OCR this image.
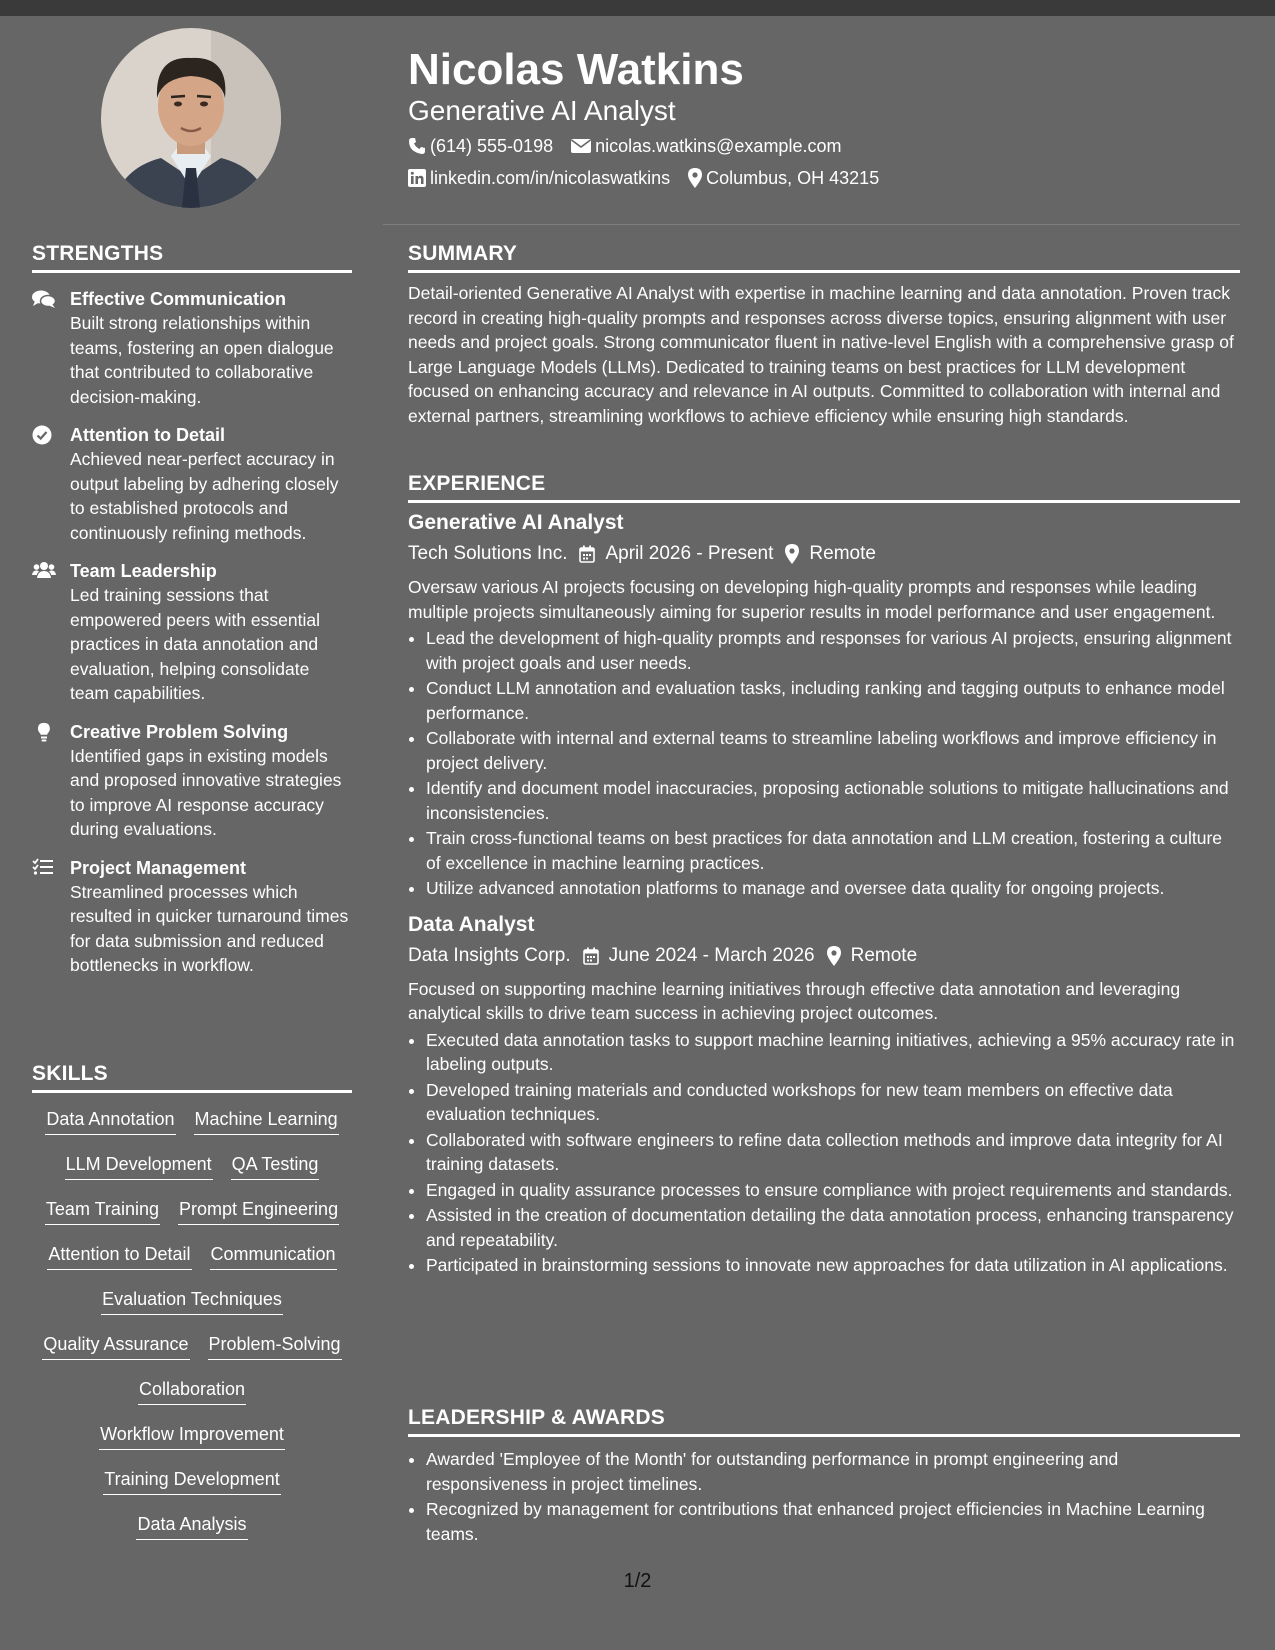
STRENGTHS
Effective Communication
Built strong relationships within teams, fostering an open dialogue that contributed to collaborative decision-making.
Attention to Detail
Achieved near-perfect accuracy in output labeling by adhering closely to established protocols and continuously refining methods.
Team Leadership
Led training sessions that empowered peers with essential practices in data annotation and evaluation, helping consolidate team capabilities.
Creative Problem Solving
Identified gaps in existing models and proposed innovative strategies to improve AI response accuracy during evaluations.
Project Management
Streamlined processes which resulted in quicker turnaround times for data submission and reduced bottlenecks in workflow.
SKILLS
Data Annotation Machine Learning
LLM Development QA Testing
Team Training Prompt Engineering
Attention to Detail Communication
Evaluation Techniques
Quality Assurance Problem-Solving
Collaboration
Workflow Improvement
Training Development
Data Analysis
Nicolas Watkins
Generative AI Analyst
(614) 555-0198 nicolas.watkins@example.com
linkedin.com/in/nicolaswatkins Columbus, OH 43215
SUMMARY

Detail-oriented Generative AI Analyst with expertise in machine learning and data annotation. Proven track record in creating high-quality prompts and responses across diverse topics, ensuring alignment with user needs and project goals. Strong communicator fluent in native-level English with a comprehensive grasp of Large Language Models (LLMs). Dedicated to training teams on best practices for LLM development focused on enhancing accuracy and relevance in AI outputs. Committed to collaboration with internal and external partners, streamlining workflows to achieve efficiency while ensuring high standards.

EXPERIENCE
Generative AI Analyst
Tech Solutions Inc. April 2026 - Present Remote
Oversaw various AI projects focusing on developing high-quality prompts and responses while leading multiple projects simultaneously aiming for superior results in model performance and user engagement.
• Lead the development of high-quality prompts and responses for various AI projects, ensuring alignment with project goals and user needs.
• Conduct LLM annotation and evaluation tasks, including ranking and tagging outputs to enhance model performance.
• Collaborate with internal and external teams to streamline labeling workflows and improve efficiency in project delivery.
• Identify and document model inaccuracies, proposing actionable solutions to mitigate hallucinations and inconsistencies.
• Train cross-functional teams on best practices for data annotation and LLM creation, fostering a culture of excellence in machine learning practices.
• Utilize advanced annotation platforms to manage and oversee data quality for ongoing projects.
Data Analyst
Data Insights Corp. June 2024 - March 2026 Remote
Focused on supporting machine learning initiatives through effective data annotation and leveraging analytical skills to drive team success in achieving project outcomes.
• Executed data annotation tasks to support machine learning initiatives, achieving a 95% accuracy rate in labeling outputs.
• Developed training materials and conducted workshops for new team members on effective data evaluation techniques.
• Collaborated with software engineers to refine data collection methods and improve data integrity for AI training datasets.
• Engaged in quality assurance processes to ensure compliance with project requirements and standards.
• Assisted in the creation of documentation detailing the data annotation process, enhancing transparency and repeatability.
• Participated in brainstorming sessions to innovate new approaches for data utilization in AI applications.
LEADERSHIP & AWARDS
• Awarded 'Employee of the Month' for outstanding performance in prompt engineering and responsiveness in project timelines.
• Recognized by management for contributions that enhanced project efficiencies in Machine Learning teams.
1/2
